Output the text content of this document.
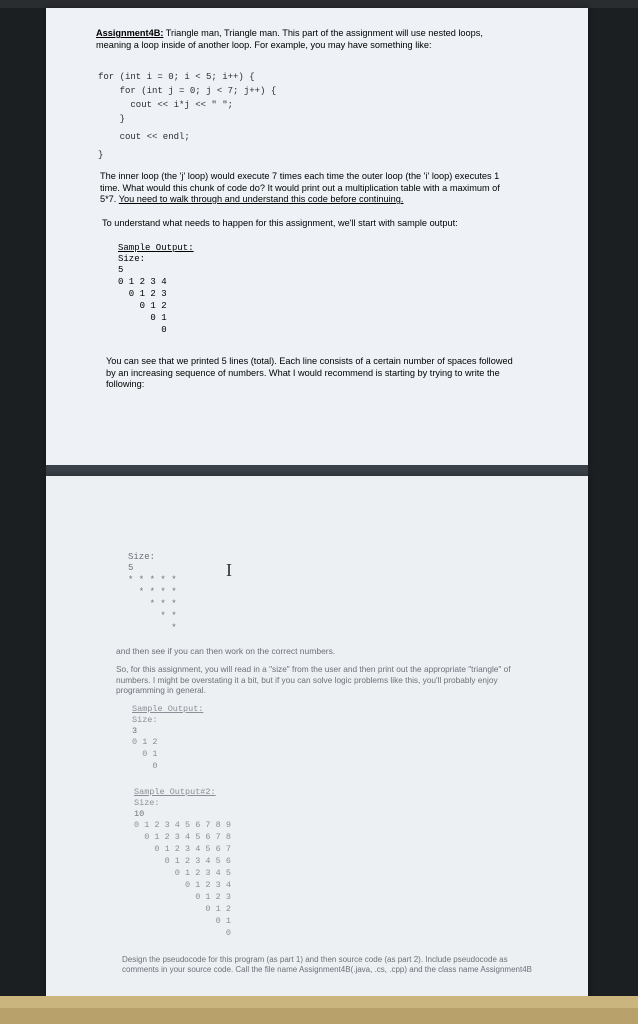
Assignment4B: Triangle man, Triangle man. This part of the assignment will use nested loops, meaning a loop inside of another loop. For example, you may have something like:

for (int i = 0; i < 5; i++) {
for (int j = 0; j < 7; j++) {
cout << i*j << " ";
}
cout << endl;
}

The inner loop (the 'j' loop) would execute 7 times each time the outer loop (the 'i' loop) executes 1 time. What would this chunk of code do? It would print out a multiplication table with a maximum of 5*7. You need to walk through and understand this code before continuing.

To understand what needs to happen for this assignment, we'll start with sample output:

Sample Output:
Size:
5
0 1 2 3 4
0 1 2 3
0 1 2
0 1
0

You can see that we printed 5 lines (total). Each line consists of a certain number of spaces followed by an increasing sequence of numbers. What I would recommend is starting by trying to write the following:

Size:
5
* * * * *
* * * *
* * *
* *
*
I

and then see if you can then work on the correct numbers.

So, for this assignment, you will read in a "size" from the user and then print out the appropriate "triangle" of numbers. I might be overstating it a bit, but if you can solve logic problems like this, you'll probably enjoy programming in general.

Sample Output:
Size:
3
0 1 2
0 1
0
Sample Output#2:
Size:
10
0 1 2 3 4 5 6 7 8 9
0 1 2 3 4 5 6 7 8
0 1 2 3 4 5 6 7
0 1 2 3 4 5 6
0 1 2 3 4 5
0 1 2 3 4
0 1 2 3
0 1 2
0 1
0

Design the pseudocode for this program (as part 1) and then source code (as part 2). Include pseudocode as comments in your source code. Call the file name Assignment4B(.java, .cs, .cpp) and the class name Assignment4B
